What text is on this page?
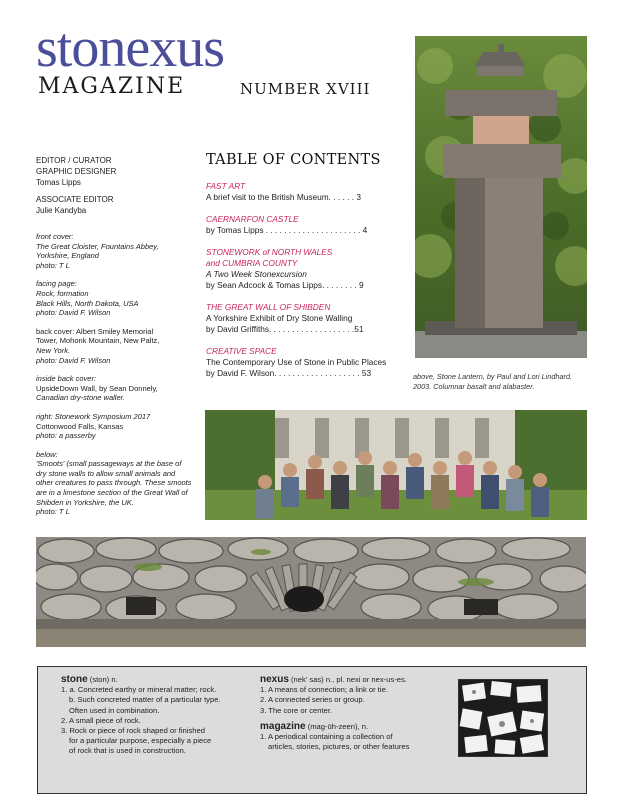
stonexus
MAGAZINE	NUMBER XVIII
EDITOR / CURATOR
GRAPHIC DESIGNER
Tomas Lipps
ASSOCIATE EDITOR
Julie Kandyba
front cover:
The Great Cloister, Fountains Abbey,
Yorkshire, England
photo: T L
facing page:
Rock, formation
Black Hills, North Dakota, USA
photo: David F. Wilson
back cover: Albert Smiley Memorial
Tower, Mohonk Mountain, New Paltz,
New York.
photo: David F. Wilson
inside back cover:
UpsideDown Wall, by Sean Donnely,
Canadian dry-stone waller.
right: Stonework Symposium 2017
Cottonwood Falls, Kansas
photo: a passerby
below:
'Smoots' (small passageways at the base of
dry stone walls to allow small animals and
other creatures to pass through. These smoots
are in a limestone section of the Great Wall of
Shibden in Yorkshire, the UK.
photo: T L
TABLE OF CONTENTS
FAST ART
A brief visit to the British Museum. . . . . . 3
CAERNARFON CASTLE
by Tomas Lipps . . . . . . . . . . . . . . . . . . . . . 4
STONEWORK of NORTH WALES
and CUMBRIA COUNTY
A Two Week Stonexcursion
by Sean Adcock & Tomas Lipps. . . . . . . . 9
THE GREAT WALL OF SHIBDEN
A Yorkshire Exhibit of Dry Stone Walling
by David Griffiths. . . . . . . . . . . . . . . . . . .51
CREATIVE SPACE
The Contemporary Use of Stone in Public Places
by David F. Wilson. . . . . . . . . . . . . . . . . . . 53	above, Stone Lantern, by Paul and Lori Lindhard.
2003. Columnar basalt and alabaster.
stone (ston) n.
1. a. Concreted earthy or mineral matter; rock.
b. Such concreted matter of a particular type.
Often used in combination.
2. A small piece of rock.
3. Rock or piece of rock shaped or finished
for a particular purpose, especially a piece
of rock that is used in construction.
nexus (nek' sas) n., pl. nexi or nex-us-es.
1. A means of connection; a link or tie.
2. A connected series or group.
3. The core or center.
magazine (mag-ūh-zeen), n.
1. A periodical containing a collection of
articles, stories, pictures, or other features
